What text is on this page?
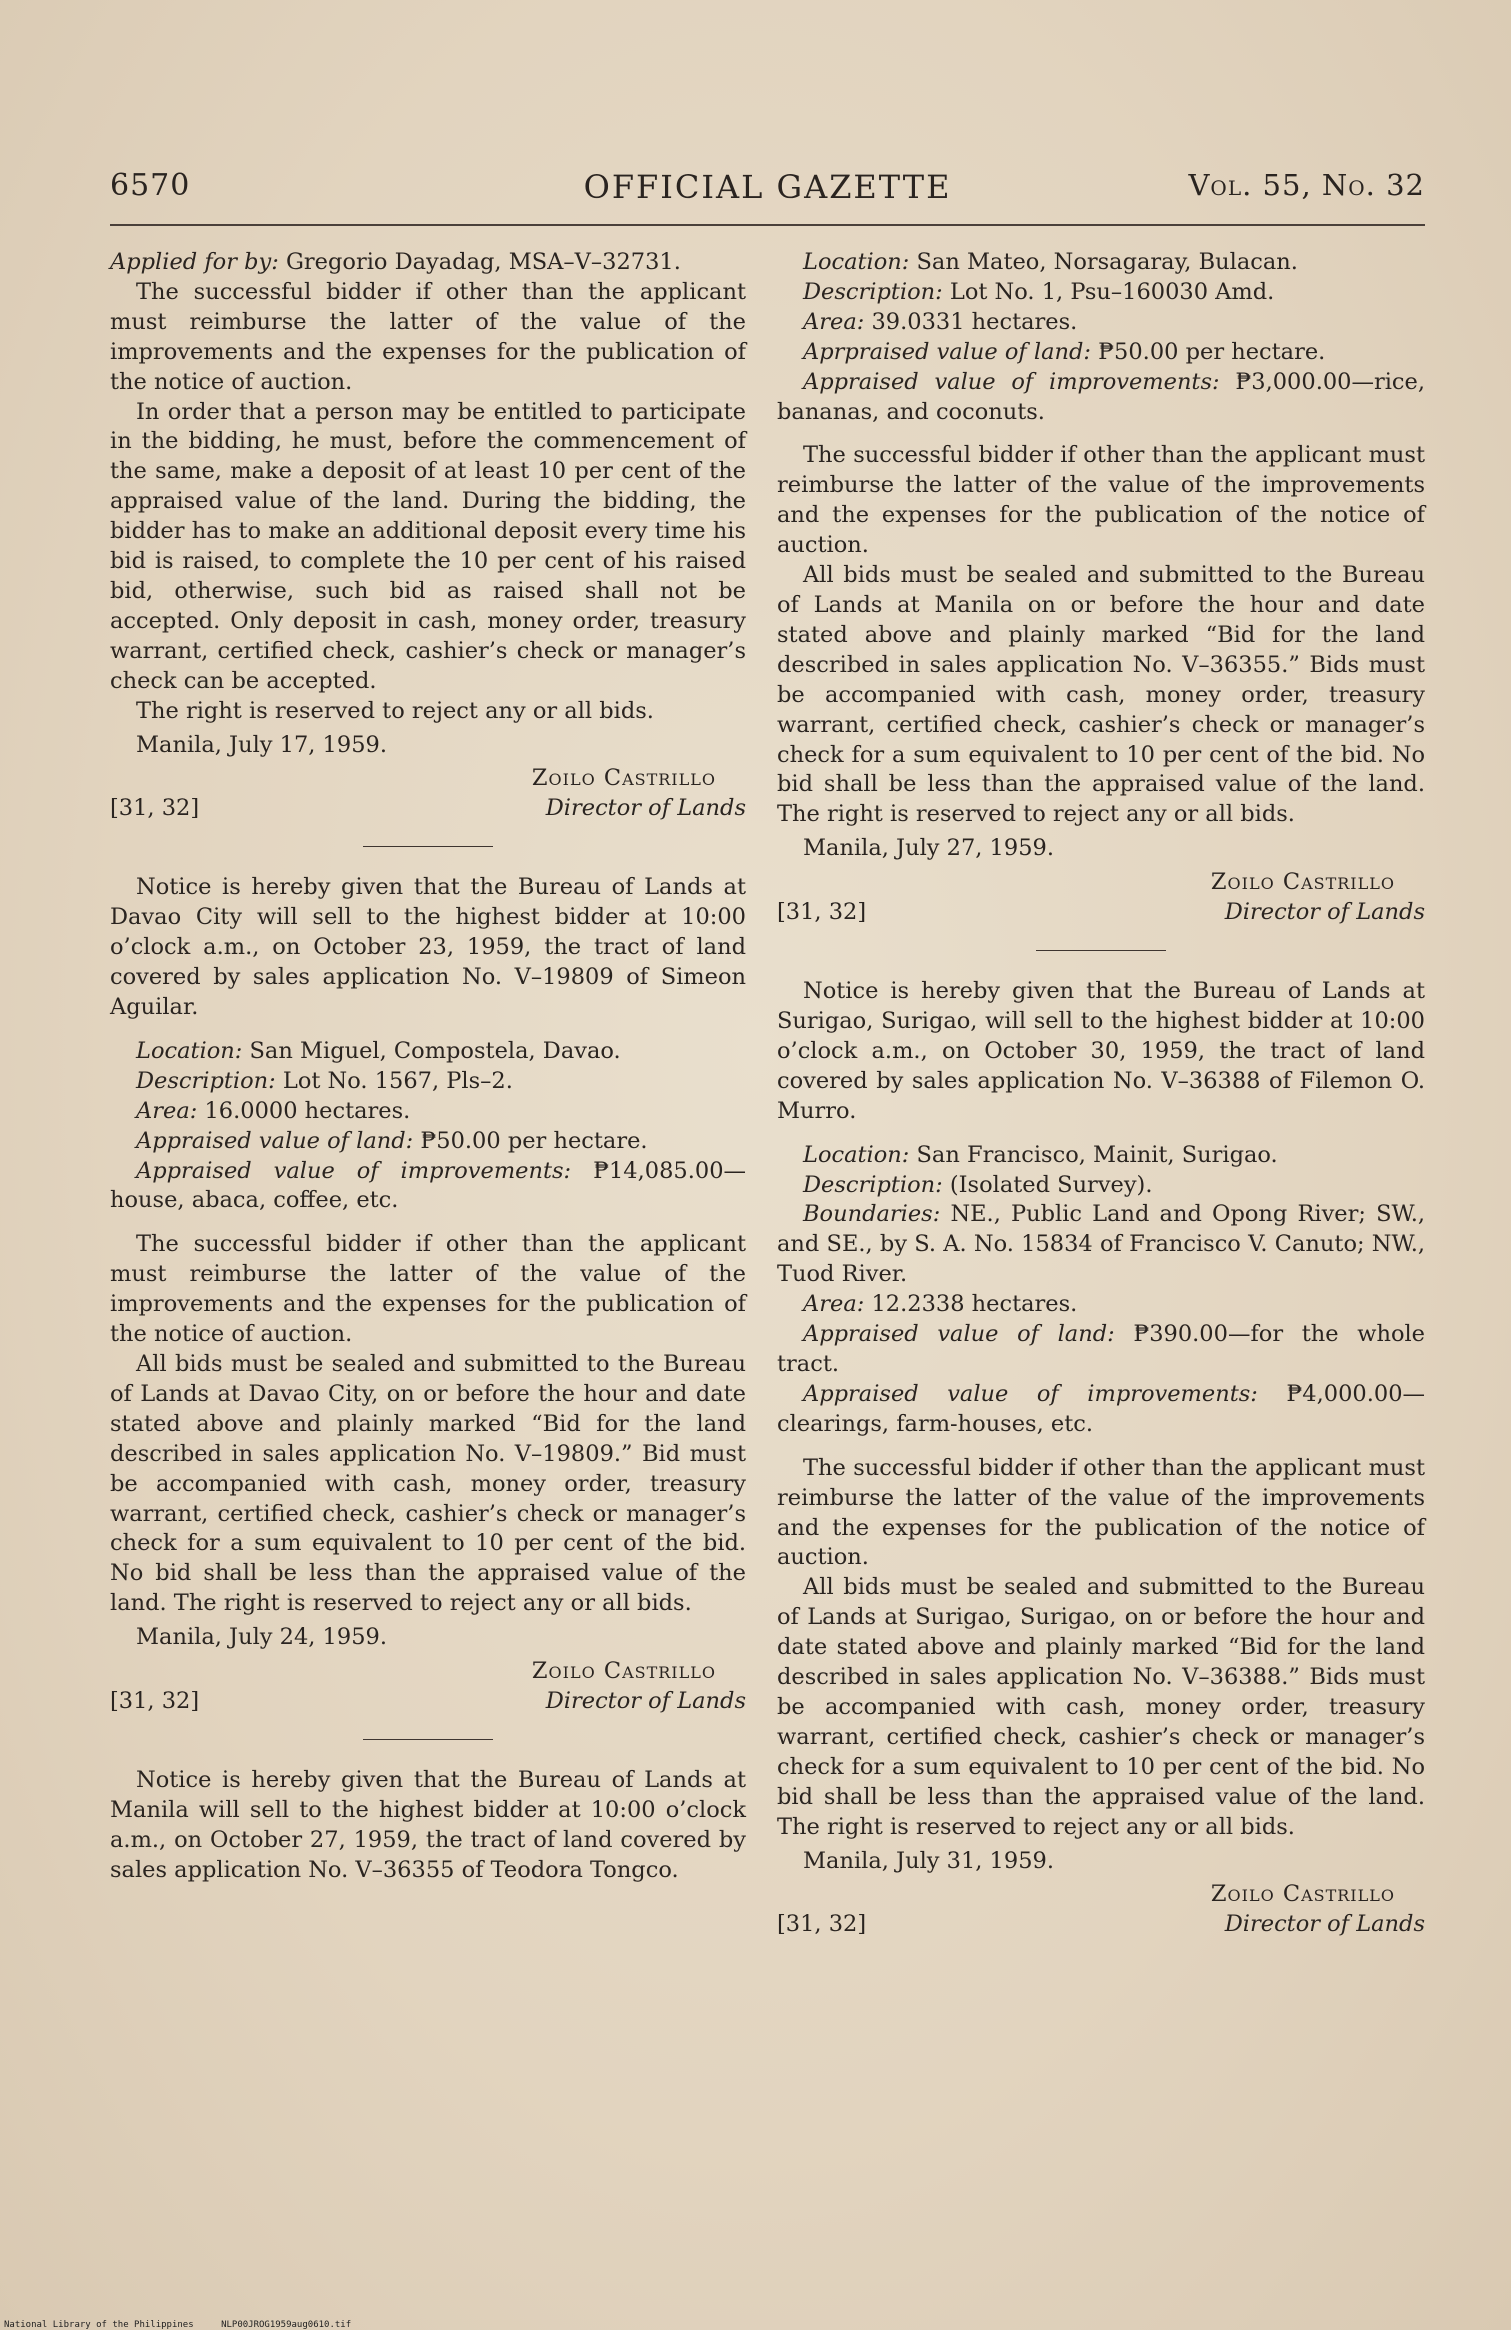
6570	OFFICIAL GAZETTE	Vol. 55, No. 32

Applied for by: Gregorio Dayadag, MSA–V–32731.

The successful bidder if other than the applicant must reimburse the latter of the value of the improvements and the expenses for the publication of the notice of auction.

In order that a person may be entitled to participate in the bidding, he must, before the commencement of the same, make a deposit of at least 10 per cent of the appraised value of the land. During the bidding, the bidder has to make an additional deposit every time his bid is raised, to complete the 10 per cent of his raised bid, otherwise, such bid as raised shall not be accepted. Only deposit in cash, money order, treasury warrant, certified check, cashier’s check or manager’s check can be accepted.

The right is reserved to reject any or all bids.

Manila, July 17, 1959.

Zoilo Castrillo
[31, 32]	Director of Lands

Notice is hereby given that the Bureau of Lands at Davao City will sell to the highest bidder at 10:00 o’clock a.m., on October 23, 1959, the tract of land covered by sales application No. V–19809 of Simeon Aguilar.

Location: San Miguel, Compostela, Davao.

Description: Lot No. 1567, Pls–2.

Area: 16.0000 hectares.

Appraised value of land: ₱50.00 per hectare.

Appraised value of improvements: ₱14,085.00—house, abaca, coffee, etc.

The successful bidder if other than the applicant must reimburse the latter of the value of the improvements and the expenses for the publication of the notice of auction.

All bids must be sealed and submitted to the Bureau of Lands at Davao City, on or before the hour and date stated above and plainly marked “Bid for the land described in sales application No. V–19809.” Bid must be accompanied with cash, money order, treasury warrant, certified check, cashier’s check or manager’s check for a sum equivalent to 10 per cent of the bid. No bid shall be less than the appraised value of the land. The right is reserved to reject any or all bids.

Manila, July 24, 1959.

Zoilo Castrillo
[31, 32]	Director of Lands

Notice is hereby given that the Bureau of Lands at Manila will sell to the highest bidder at 10:00 o’clock a.m., on October 27, 1959, the tract of land covered by sales application No. V–36355 of Teodora Tongco.

Location: San Mateo, Norsagaray, Bulacan.

Description: Lot No. 1, Psu–160030 Amd.

Area: 39.0331 hectares.

Aprpraised value of land: ₱50.00 per hectare.

Appraised value of improvements: ₱3,000.00—rice, bananas, and coconuts.

The successful bidder if other than the applicant must reimburse the latter of the value of the improvements and the expenses for the publication of the notice of auction.

All bids must be sealed and submitted to the Bureau of Lands at Manila on or before the hour and date stated above and plainly marked “Bid for the land described in sales application No. V–36355.” Bids must be accompanied with cash, money order, treasury warrant, certified check, cashier’s check or manager’s check for a sum equivalent to 10 per cent of the bid. No bid shall be less than the appraised value of the land. The right is reserved to reject any or all bids.

Manila, July 27, 1959.

Zoilo Castrillo
[31, 32]	Director of Lands

Notice is hereby given that the Bureau of Lands at Surigao, Surigao, will sell to the highest bidder at 10:00 o’clock a.m., on October 30, 1959, the tract of land covered by sales application No. V–36388 of Filemon O. Murro.

Location: San Francisco, Mainit, Surigao.

Description: (Isolated Survey).

Boundaries: NE., Public Land and Opong River; SW., and SE., by S. A. No. 15834 of Francisco V. Canuto; NW., Tuod River.

Area: 12.2338 hectares.

Appraised value of land: ₱390.00—for the whole tract.

Appraised value of improvements: ₱4,000.00—clearings, farm-houses, etc.

The successful bidder if other than the applicant must reimburse the latter of the value of the improvements and the expenses for the publication of the notice of auction.

All bids must be sealed and submitted to the Bureau of Lands at Surigao, Surigao, on or before the hour and date stated above and plainly marked “Bid for the land described in sales application No. V–36388.” Bids must be accompanied with cash, money order, treasury warrant, certified check, cashier’s check or manager’s check for a sum equivalent to 10 per cent of the bid. No bid shall be less than the appraised value of the land. The right is reserved to reject any or all bids.

Manila, July 31, 1959.

Zoilo Castrillo
[31, 32]	Director of Lands
National Library of the Philippines	NLP00JROG1959aug0610.tif
